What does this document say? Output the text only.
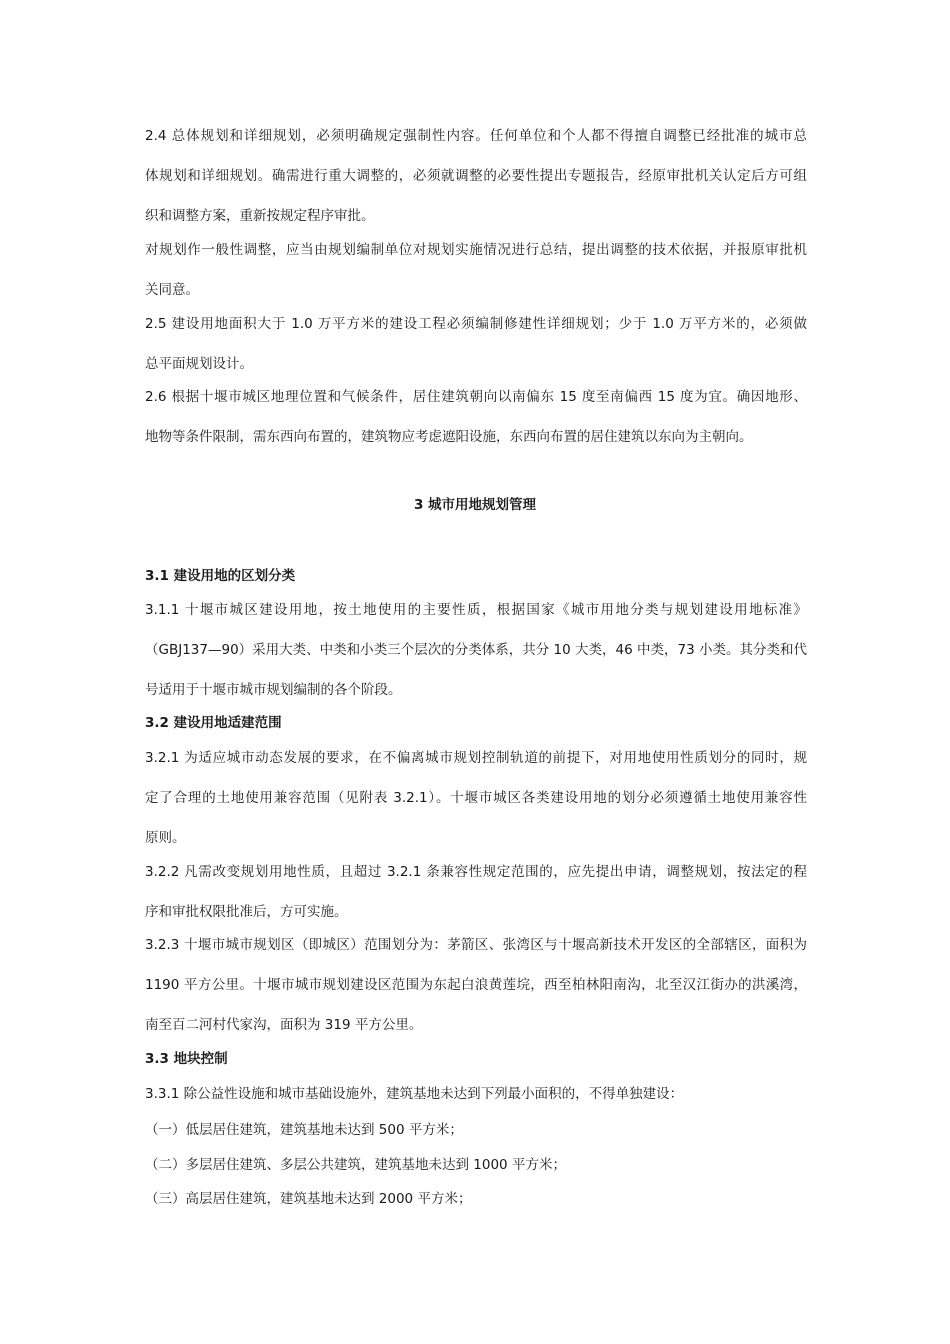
2.4 总体规划和详细规划，必须明确规定强制性内容。任何单位和个人都不得擅自调整已经批准的城市总
体规划和详细规划。确需进行重大调整的，必须就调整的必要性提出专题报告，经原审批机关认定后方可组
织和调整方案，重新按规定程序审批。
对规划作一般性调整，应当由规划编制单位对规划实施情况进行总结，提出调整的技术依据，并报原审批机
关同意。
2.5 建设用地面积大于 1.0 万平方米的建设工程必须编制修建性详细规划；少于 1.0 万平方米的，必须做
总平面规划设计。
2.6 根据十堰市城区地理位置和气候条件，居住建筑朝向以南偏东 15 度至南偏西 15 度为宜。确因地形、
地物等条件限制，需东西向布置的，建筑物应考虑遮阳设施，东西向布置的居住建筑以东向为主朝向。
3 城市用地规划管理
3.1 建设用地的区划分类
3.1.1 十堰市城区建设用地，按土地使用的主要性质，根据国家《城市用地分类与规划建设用地标准》
（GBJ137—90）采用大类、中类和小类三个层次的分类体系，共分 10 大类，46 中类，73 小类。其分类和代
号适用于十堰市城市规划编制的各个阶段。
3.2 建设用地适建范围
3.2.1 为适应城市动态发展的要求，在不偏离城市规划控制轨道的前提下，对用地使用性质划分的同时，规
定了合理的土地使用兼容范围（见附表 3.2.1）。十堰市城区各类建设用地的划分必须遵循土地使用兼容性
原则。
3.2.2 凡需改变规划用地性质，且超过 3.2.1 条兼容性规定范围的，应先提出申请，调整规划，按法定的程
序和审批权限批准后，方可实施。
3.2.3 十堰市城市规划区（即城区）范围划分为：茅箭区、张湾区与十堰高新技术开发区的全部辖区，面积为
1190 平方公里。十堰市城市规划建设区范围为东起白浪黄莲垸，西至柏林阳南沟，北至汉江街办的洪溪湾，
南至百二河村代家沟，面积为 319 平方公里。
3.3 地块控制
3.3.1 除公益性设施和城市基础设施外，建筑基地未达到下列最小面积的，不得单独建设：
（一）低层居住建筑，建筑基地未达到 500 平方米；
（二）多层居住建筑、多层公共建筑，建筑基地未达到 1000 平方米；
（三）高层居住建筑，建筑基地未达到 2000 平方米；
